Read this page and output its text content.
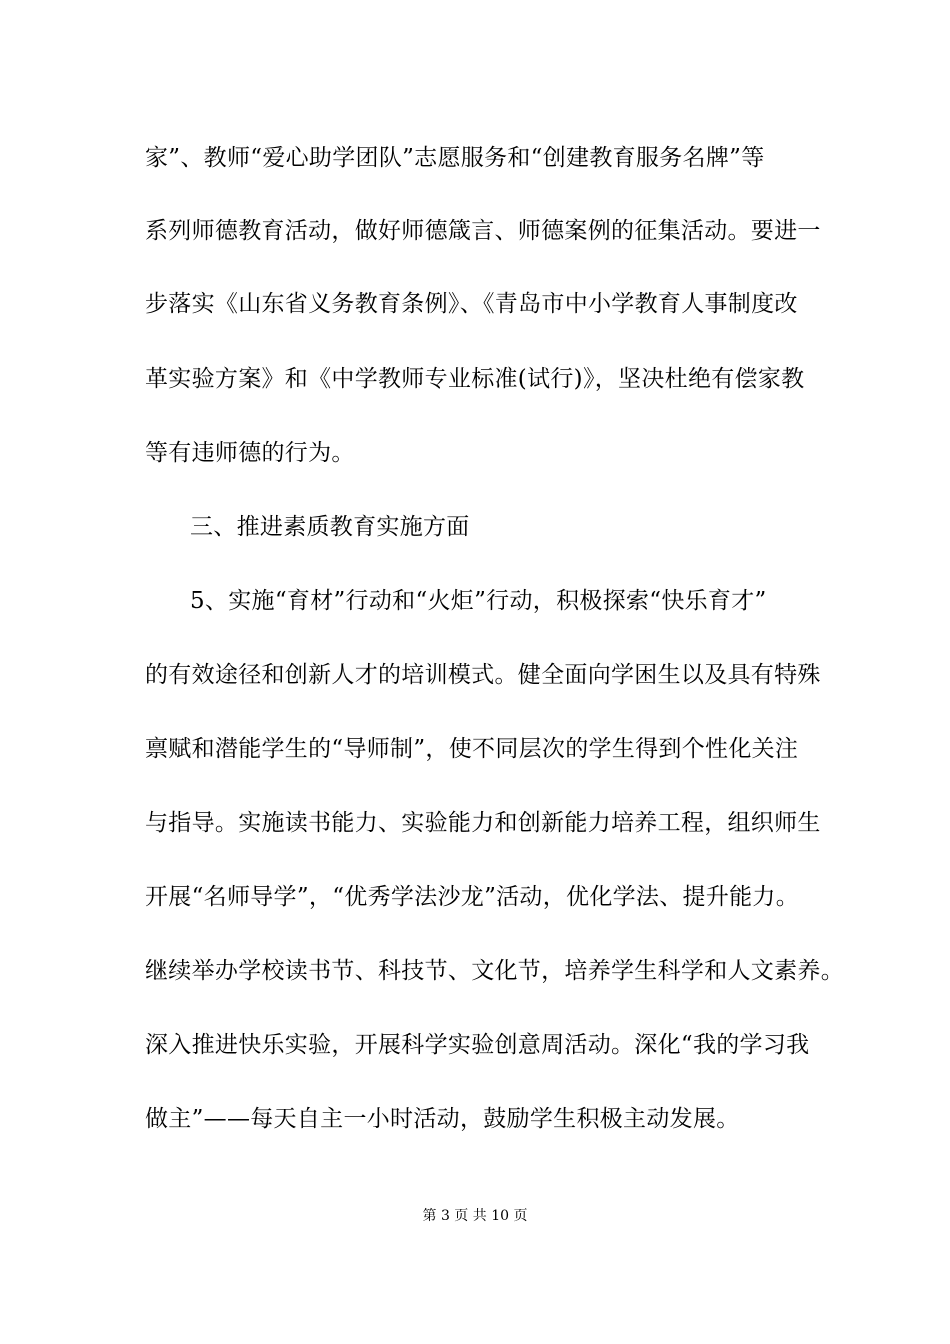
家”、教师“爱心助学团队”志愿服务和“创建教育服务名牌”等
系列师德教育活动，做好师德箴言、师德案例的征集活动。要进一
步落实《山东省义务教育条例》、《青岛市中小学教育人事制度改
革实验方案》和《中学教师专业标准(试行)》，坚决杜绝有偿家教
等有违师德的行为。
三、推进素质教育实施方面
5、实施“育材”行动和“火炬”行动，积极探索“快乐育才”
的有效途径和创新人才的培训模式。健全面向学困生以及具有特殊
禀赋和潜能学生的“导师制”，使不同层次的学生得到个性化关注
与指导。实施读书能力、实验能力和创新能力培养工程，组织师生
开展“名师导学”，“优秀学法沙龙”活动，优化学法、提升能力。
继续举办学校读书节、科技节、文化节，培养学生科学和人文素养。
深入推进快乐实验，开展科学实验创意周活动。深化“我的学习我
做主”——每天自主一小时活动，鼓励学生积极主动发展。
第 3 页 共 10 页
